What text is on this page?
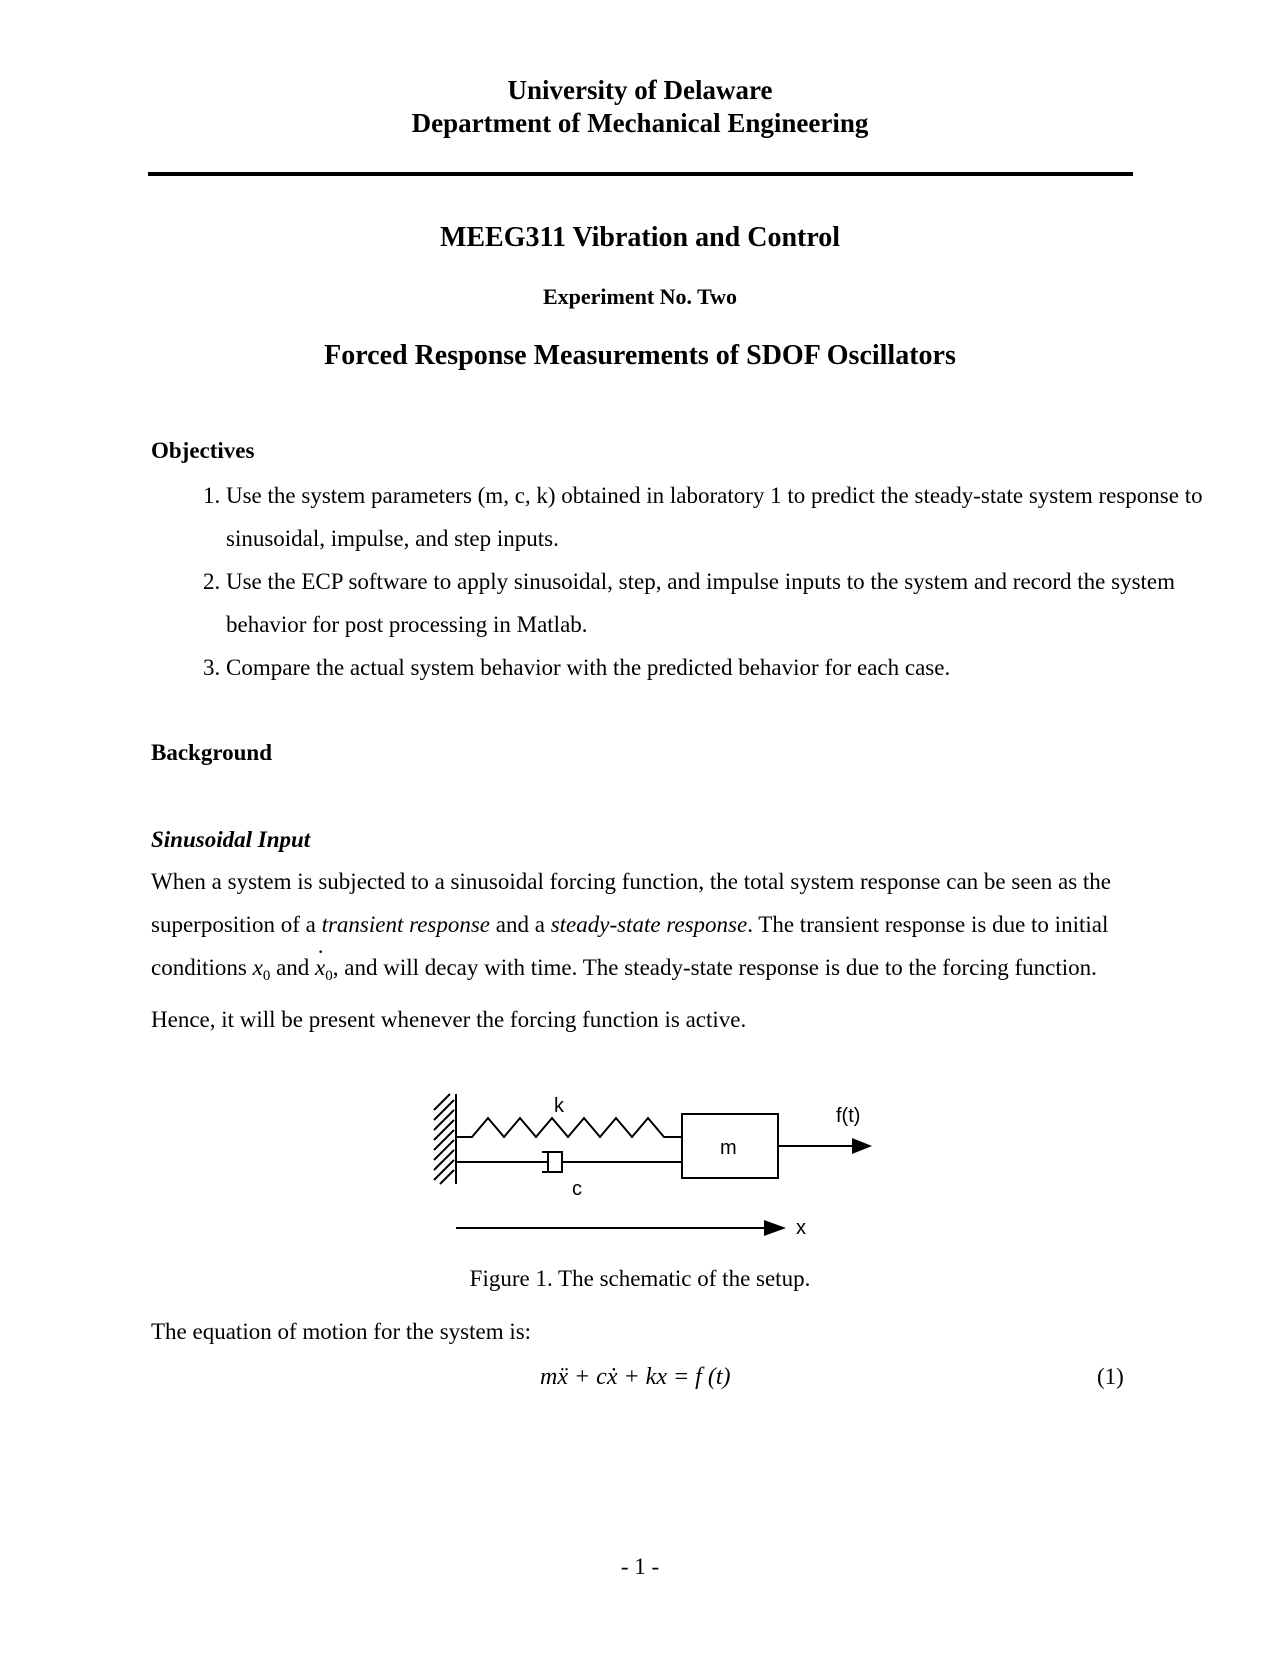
University of Delaware
Department of Mechanical Engineering
MEEG311 Vibration and Control
Experiment No. Two
Forced Response Measurements of SDOF Oscillators
Objectives
1. Use the system parameters (m, c, k) obtained in laboratory 1 to predict the steady-state system response to sinusoidal, impulse, and step inputs.
2. Use the ECP software to apply sinusoidal, step, and impulse inputs to the system and record the system behavior for post processing in Matlab.
3. Compare the actual system behavior with the predicted behavior for each case.
Background
Sinusoidal Input
When a system is subjected to a sinusoidal forcing function, the total system response can be seen as the superposition of a transient response and a steady-state response. The transient response is due to initial conditions $x_0$ and · $x_0$, and will decay with time. The steady-state response is due to the forcing function. Hence, it will be present whenever the forcing function is active.
k
c
m
f(t)
x
Figure 1. The schematic of the setup.
The equation of motion for the system is:
mẍ + cẋ + kx = f (t)	(1)
- 1 -
